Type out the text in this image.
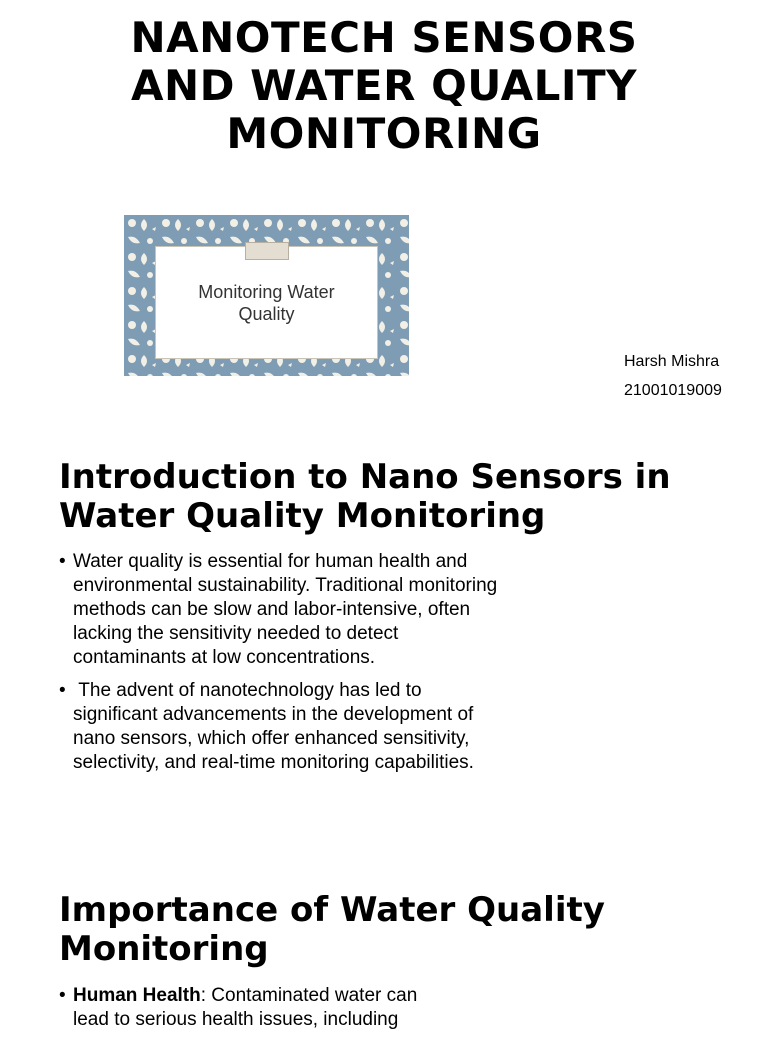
NANOTECH SENSORS
AND WATER QUALITY
MONITORING
Monitoring Water Quality
Harsh Mishra
21001019009
Introduction to Nano Sensors in Water Quality Monitoring
• Water quality is essential for human health and environmental sustainability. Traditional monitoring methods can be slow and labor-intensive, often lacking the sensitivity needed to detect contaminants at low concentrations.
• The advent of nanotechnology has led to significant advancements in the development of nano sensors, which offer enhanced sensitivity, selectivity, and real-time monitoring capabilities.
Importance of Water Quality Monitoring
• Human Health: Contaminated water can lead to serious health issues, including
